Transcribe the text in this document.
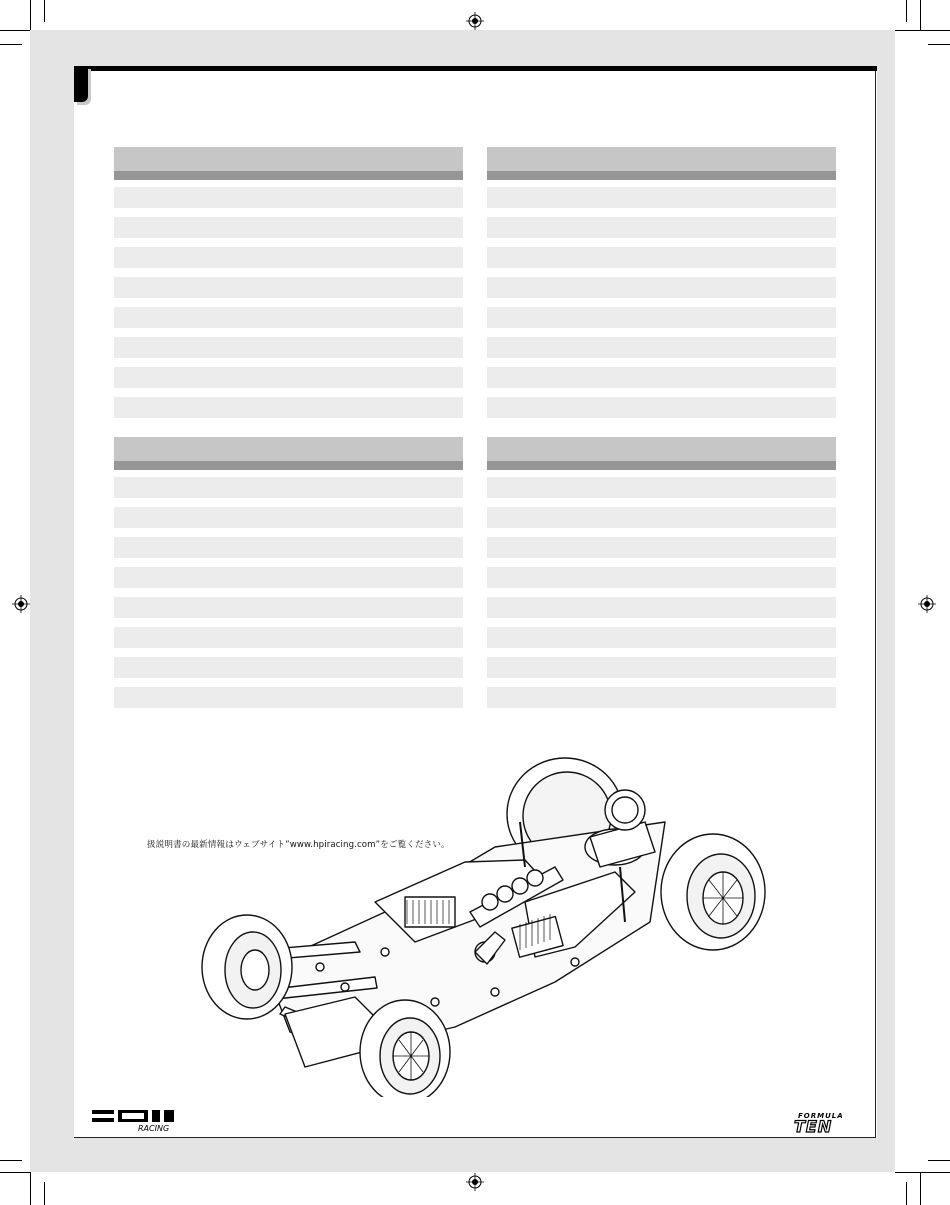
扱説明書の最新情報はウェブサイト”www.hpiracing.com”をご覧ください。
RACING
FORMULA
TEN
